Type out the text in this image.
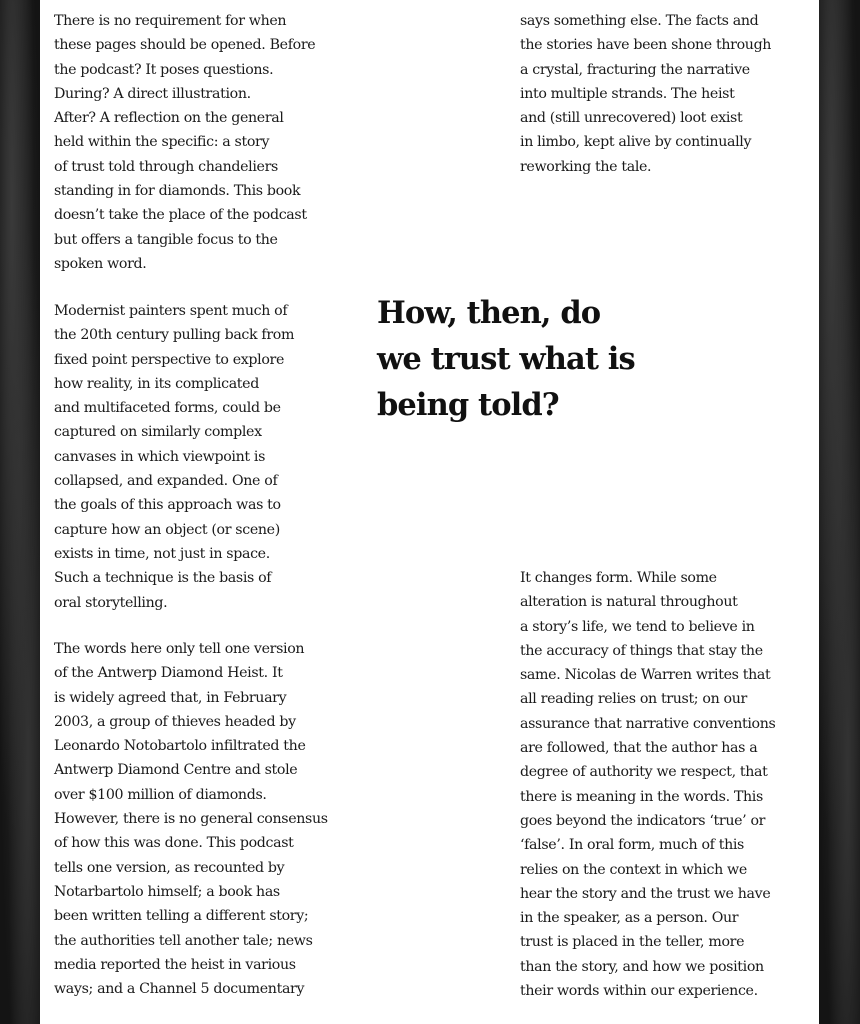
There is no requirement for when
these pages should be opened. Before
the podcast? It poses questions.
During? A direct illustration.
After? A reflection on the general
held within the specific: a story
of trust told through chandeliers
standing in for diamonds. This book
doesn’t take the place of the podcast
but offers a tangible focus to the
spoken word.

Modernist painters spent much of
the 20th century pulling back from
fixed point perspective to explore
how reality, in its complicated
and multifaceted forms, could be
captured on similarly complex
canvases in which viewpoint is
collapsed, and expanded. One of
the goals of this approach was to
capture how an object (or scene)
exists in time, not just in space.
Such a technique is the basis of
oral storytelling.

The words here only tell one version
of the Antwerp Diamond Heist. It
is widely agreed that, in February
2003, a group of thieves headed by
Leonardo Notobartolo infiltrated the
Antwerp Diamond Centre and stole
over $100 million of diamonds.
However, there is no general consensus
of how this was done. This podcast
tells one version, as recounted by
Notarbartolo himself; a book has
been written telling a different story;
the authorities tell another tale; news
media reported the heist in various
ways; and a Channel 5 documentary

says something else. The facts and
the stories have been shone through
a crystal, fracturing the narrative
into multiple strands. The heist
and (still unrecovered) loot exist
in limbo, kept alive by continually
reworking the tale.

How, then, do
we trust what is
being told?

It changes form. While some
alteration is natural throughout
a story’s life, we tend to believe in
the accuracy of things that stay the
same. Nicolas de Warren writes that
all reading relies on trust; on our
assurance that narrative conventions
are followed, that the author has a
degree of authority we respect, that
there is meaning in the words. This
goes beyond the indicators ‘true’ or
‘false’. In oral form, much of this
relies on the context in which we
hear the story and the trust we have
in the speaker, as a person. Our
trust is placed in the teller, more
than the story, and how we position
their words within our experience.
